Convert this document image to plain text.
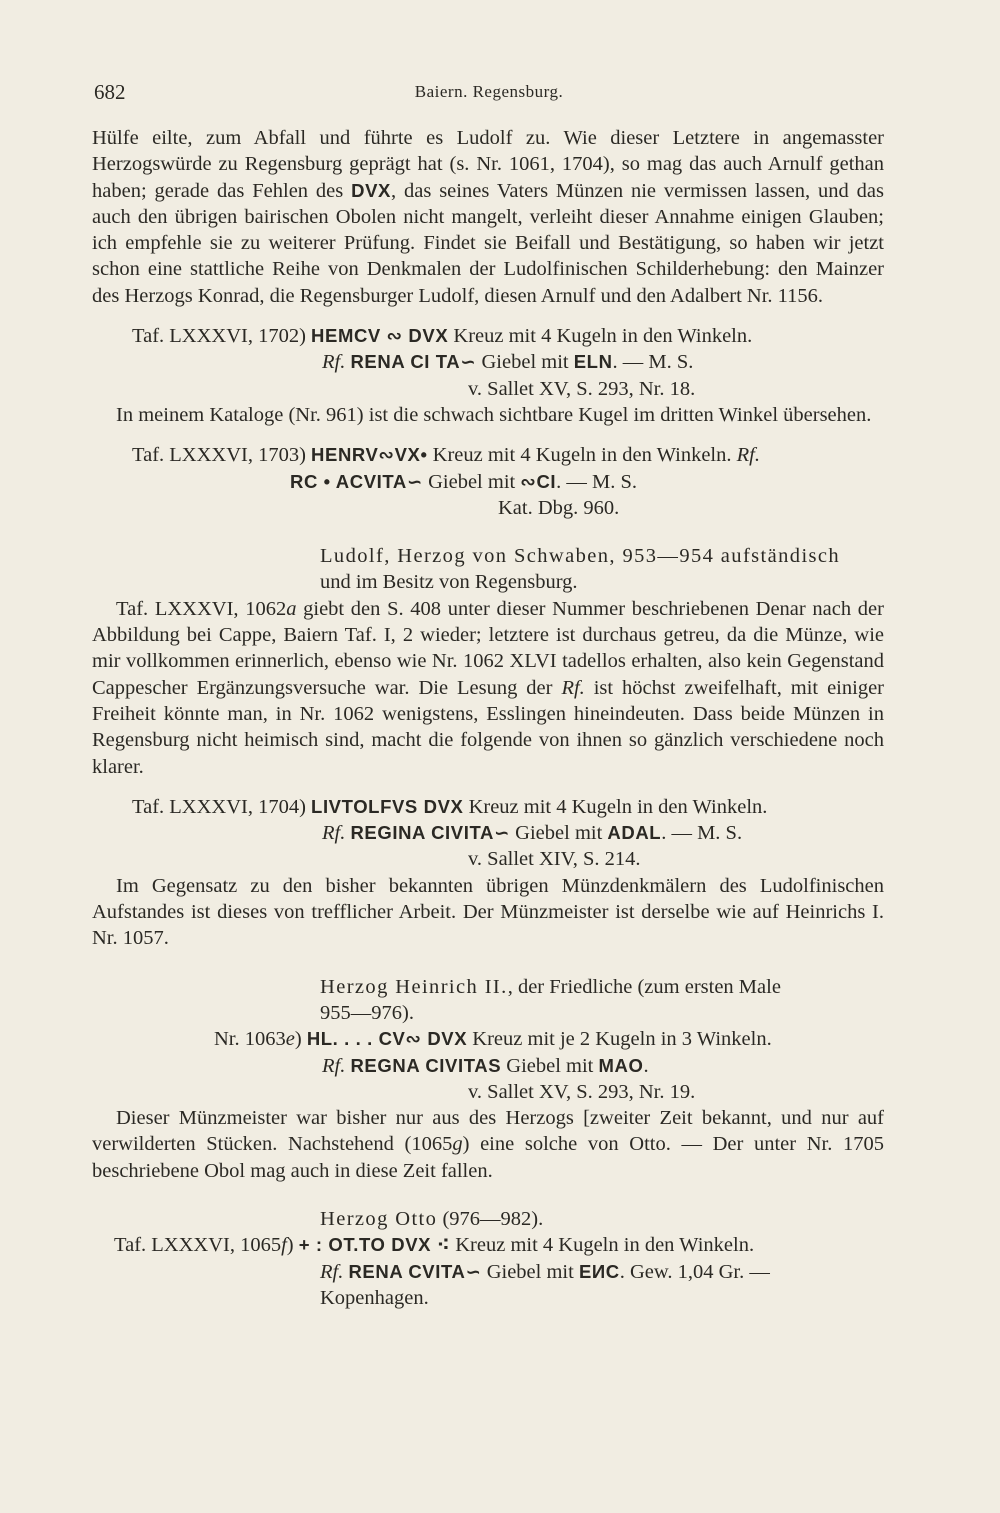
682	Baiern. Regensburg.

Hülfe eilte, zum Abfall und führte es Ludolf zu. Wie dieser Letztere in angemasster Herzogswürde zu Regensburg geprägt hat (s. Nr. 1061, 1704), so mag das auch Arnulf gethan haben; gerade das Fehlen des DVX, das seines Vaters Münzen nie vermissen lassen, und das auch den übrigen bairischen Obolen nicht mangelt, verleiht dieser Annahme einigen Glauben; ich empfehle sie zu weiterer Prüfung. Findet sie Beifall und Bestätigung, so haben wir jetzt schon eine stattliche Reihe von Denkmalen der Ludolfinischen Schilderhebung: den Mainzer des Herzogs Konrad, die Regensburger Ludolf, diesen Arnulf und den Adalbert Nr. 1156.

Taf. LXXXVI, 1702) HEMCV ∾ DVX Kreuz mit 4 Kugeln in den Winkeln.
Rf. RENA CI TA∽ Giebel mit ELN. — M. S.
v. Sallet XV, S. 293, Nr. 18.

In meinem Kataloge (Nr. 961) ist die schwach sichtbare Kugel im dritten Winkel übersehen.

Taf. LXXXVI, 1703) HENRV∾VX• Kreuz mit 4 Kugeln in den Winkeln. Rf.
RC • ACVITA∽ Giebel mit ∾CI. — M. S.
Kat. Dbg. 960.
Ludolf, Herzog von Schwaben, 953—954 aufständisch
und im Besitz von Regensburg.

Taf. LXXXVI, 1062a giebt den S. 408 unter dieser Nummer beschriebenen Denar nach der Abbildung bei Cappe, Baiern Taf. I, 2 wieder; letztere ist durchaus getreu, da die Münze, wie mir vollkommen erinnerlich, ebenso wie Nr. 1062 XLVI tadellos erhalten, also kein Gegenstand Cappescher Ergänzungsversuche war. Die Lesung der Rf. ist höchst zweifelhaft, mit einiger Freiheit könnte man, in Nr. 1062 wenigstens, Esslingen hineindeuten. Dass beide Münzen in Regensburg nicht heimisch sind, macht die folgende von ihnen so gänzlich verschiedene noch klarer.

Taf. LXXXVI, 1704) LIVTOLFVS DVX Kreuz mit 4 Kugeln in den Winkeln.
Rf. REGINA CIVITA∽ Giebel mit ADAL. — M. S.
v. Sallet XIV, S. 214.

Im Gegensatz zu den bisher bekannten übrigen Münzdenkmälern des Ludolfinischen Aufstandes ist dieses von trefflicher Arbeit. Der Münzmeister ist derselbe wie auf Heinrichs I. Nr. 1057.

Herzog Heinrich II., der Friedliche (zum ersten Male
955—976).
Nr. 1063e) HL. . . . CV∾ DVX Kreuz mit je 2 Kugeln in 3 Winkeln.
Rf. REGNA CIVITAS Giebel mit MAO.
v. Sallet XV, S. 293, Nr. 19.

Dieser Münzmeister war bisher nur aus des Herzogs [zweiter Zeit bekannt, und nur auf verwilderten Stücken. Nachstehend (1065g) eine solche von Otto. — Der unter Nr. 1705 beschriebene Obol mag auch in diese Zeit fallen.

Herzog Otto (976—982).
Taf. LXXXVI, 1065f) + : OT.TO DVX ⁖ Kreuz mit 4 Kugeln in den Winkeln.
Rf. RENA CVITA∽ Giebel mit EИC. Gew. 1,04 Gr. —
Kopenhagen.
